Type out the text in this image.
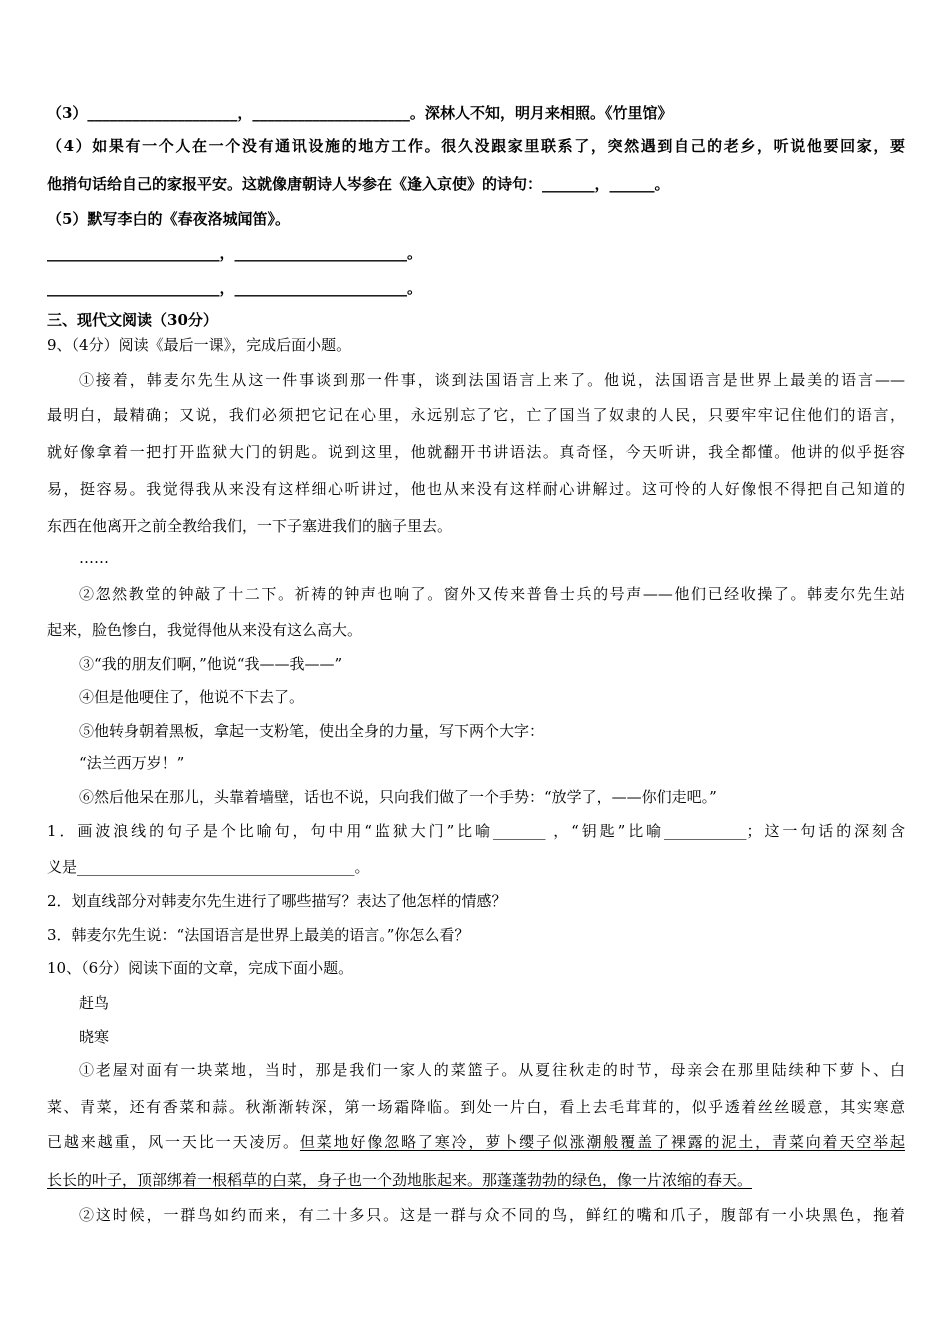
（3）____________________，_____________________。深林人不知，明月来相照。《竹里馆》
（4）如果有一个人在一个没有通讯设施的地方工作。很久没跟家里联系了，突然遇到自己的老乡，听说他要回家，要
他捎句话给自己的家报平安。这就像唐朝诗人岑参在《逢入京使》的诗句：_______，______。
（5）默写李白的《春夜洛城闻笛》。
_______________________，_______________________。
_______________________，_______________________。
三、现代文阅读（30分）
9、（4分）阅读《最后一课》，完成后面小题。
①接着，韩麦尔先生从这一件事谈到那一件事，谈到法国语言上来了。他说，法国语言是世界上最美的语言——
最明白，最精确；又说，我们必须把它记在心里，永远别忘了它，亡了国当了奴隶的人民，只要牢牢记住他们的语言，
就好像拿着一把打开监狱大门的钥匙。说到这里，他就翻开书讲语法。真奇怪，今天听讲，我全都懂。他讲的似乎挺容
易，挺容易。我觉得我从来没有这样细心听讲过，他也从来没有这样耐心讲解过。这可怜的人好像恨不得把自己知道的
东西在他离开之前全教给我们，一下子塞进我们的脑子里去。
……
②忽然教堂的钟敲了十二下。祈祷的钟声也响了。窗外又传来普鲁士兵的号声——他们已经收操了。韩麦尔先生站
起来，脸色惨白，我觉得他从来没有这么高大。
③“我的朋友们啊，”他说“我——我——”
④但是他哽住了，他说不下去了。
⑤他转身朝着黑板，拿起一支粉笔，使出全身的力量，写下两个大字：
“法兰西万岁！”
⑥然后他呆在那儿，头靠着墙壁，话也不说，只向我们做了一个手势：“放学了，——你们走吧。”
1．画波浪线的句子是个比喻句，句中用“监狱大门”比喻_______ ，“钥匙”比喻___________；这一句话的深刻含
义是_____________________________________。
2．划直线部分对韩麦尔先生进行了哪些描写？表达了他怎样的情感？
3．韩麦尔先生说：“法国语言是世界上最美的语言。”你怎么看？
10、（6分）阅读下面的文章，完成下面小题。
赶鸟
晓寒
①老屋对面有一块菜地，当时，那是我们一家人的菜篮子。从夏往秋走的时节，母亲会在那里陆续种下萝卜、白
菜、青菜，还有香菜和蒜。秋渐渐转深，第一场霜降临。到处一片白，看上去毛茸茸的，似乎透着丝丝暖意，其实寒意
已越来越重，风一天比一天凌厉。但菜地好像忽略了寒冷，萝卜缨子似涨潮般覆盖了裸露的泥土，青菜向着天空举起
长长的叶子，顶部绑着一根稻草的白菜，身子也一个劲地胀起来。那蓬蓬勃勃的绿色，像一片浓缩的春天。
②这时候，一群鸟如约而来，有二十多只。这是一群与众不同的鸟，鲜红的嘴和爪子，腹部有一小块黑色，拖着
